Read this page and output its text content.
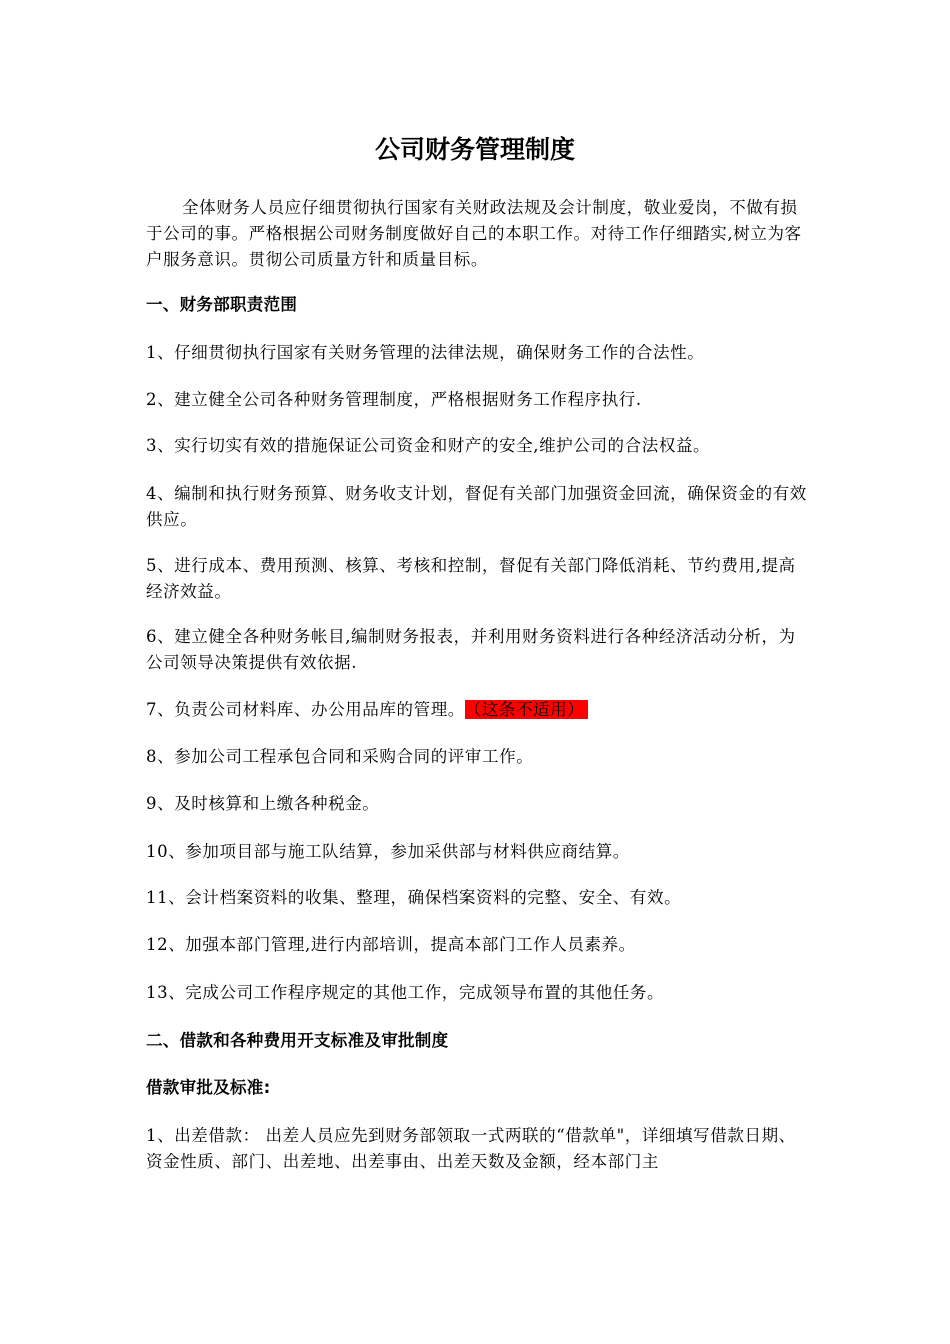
公司财务管理制度

全体财务人员应仔细贯彻执行国家有关财政法规及会计制度，敬业爱岗，不做有损于公司的事。严格根据公司财务制度做好自己的本职工作。对待工作仔细踏实,树立为客户服务意识。贯彻公司质量方针和质量目标。

一、财务部职责范围

1、仔细贯彻执行国家有关财务管理的法律法规，确保财务工作的合法性。

2、建立健全公司各种财务管理制度，严格根据财务工作程序执行.

3、实行切实有效的措施保证公司资金和财产的安全,维护公司的合法权益。

4、编制和执行财务预算、财务收支计划，督促有关部门加强资金回流，确保资金的有效供应。

5、进行成本、费用预测、核算、考核和控制，督促有关部门降低消耗、节约费用,提高经济效益。

6、建立健全各种财务帐目,编制财务报表，并利用财务资料进行各种经济活动分析，为公司领导决策提供有效依据.

7、负责公司材料库、办公用品库的管理。 （这条不适用）

8、参加公司工程承包合同和采购合同的评审工作。

9、及时核算和上缴各种税金。

10、参加项目部与施工队结算，参加采供部与材料供应商结算。

11、会计档案资料的收集、整理，确保档案资料的完整、安全、有效。

12、加强本部门管理,进行内部培训，提高本部门工作人员素养。

13、完成公司工作程序规定的其他工作，完成领导布置的其他任务。

二、借款和各种费用开支标准及审批制度

借款审批及标准:

1、出差借款： 出差人员应先到财务部领取一式两联的“借款单"，详细填写借款日期、资金性质、部门、出差地、出差事由、出差天数及金额，经本部门主
